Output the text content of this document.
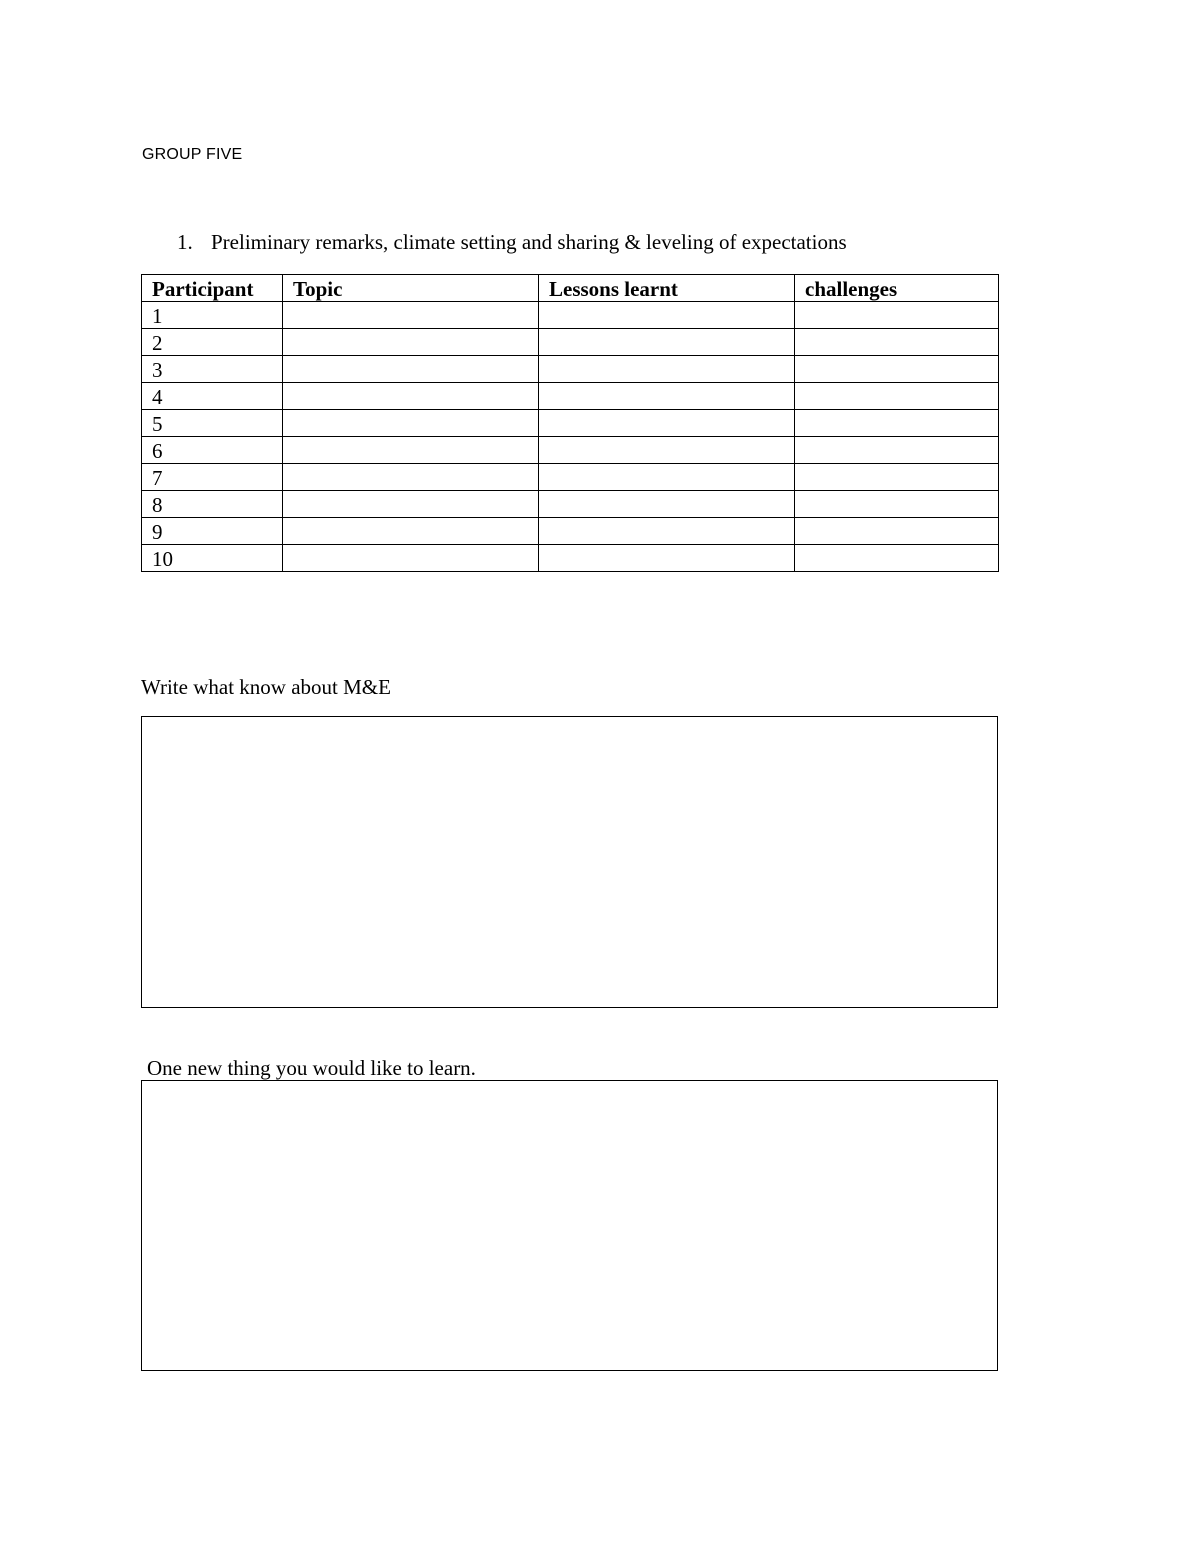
GROUP FIVE
1. Preliminary remarks, climate setting and sharing & leveling of expectations
Participant	Topic	Lessons learnt	challenges
1			
2			
3			
4			
5			
6			
7			
8			
9			
10			
Write what know about M&E
One new thing you would like to learn.
